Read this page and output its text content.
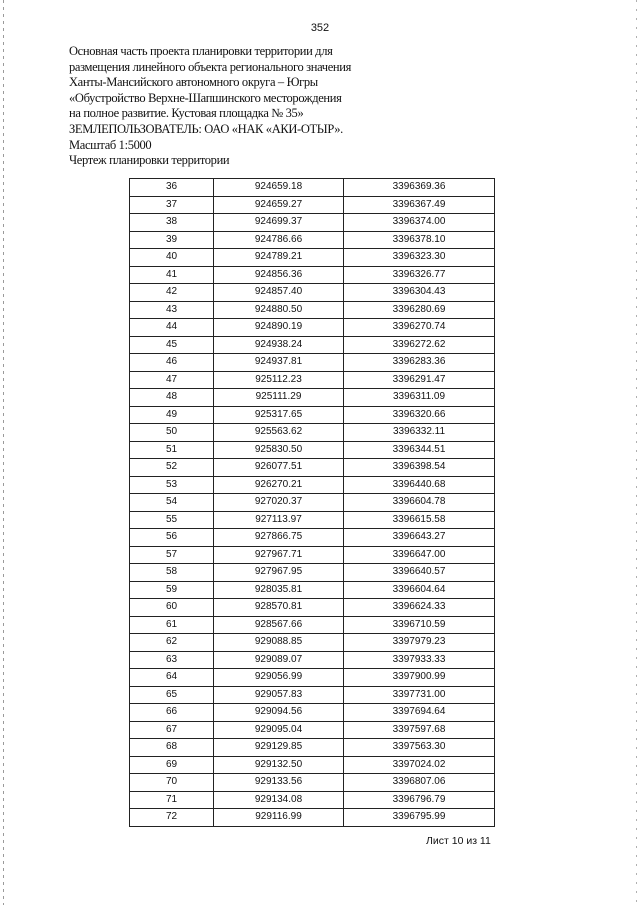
352
Основная часть проекта планировки территории для
размещения линейного объекта регионального значения
Ханты-Мансийского автономного округа – Югры
«Обустройство Верхне-Шапшинского месторождения
на полное развитие. Кустовая площадка № 35»
ЗЕМЛЕПОЛЬЗОВАТЕЛЬ: ОАО «НАК «АКИ-ОТЫР».
Масштаб 1:5000
Чертеж планировки территории
36	924659.18	3396369.36
37	924659.27	3396367.49
38	924699.37	3396374.00
39	924786.66	3396378.10
40	924789.21	3396323.30
41	924856.36	3396326.77
42	924857.40	3396304.43
43	924880.50	3396280.69
44	924890.19	3396270.74
45	924938.24	3396272.62
46	924937.81	3396283.36
47	925112.23	3396291.47
48	925111.29	3396311.09
49	925317.65	3396320.66
50	925563.62	3396332.11
51	925830.50	3396344.51
52	926077.51	3396398.54
53	926270.21	3396440.68
54	927020.37	3396604.78
55	927113.97	3396615.58
56	927866.75	3396643.27
57	927967.71	3396647.00
58	927967.95	3396640.57
59	928035.81	3396604.64
60	928570.81	3396624.33
61	928567.66	3396710.59
62	929088.85	3397979.23
63	929089.07	3397933.33
64	929056.99	3397900.99
65	929057.83	3397731.00
66	929094.56	3397694.64
67	929095.04	3397597.68
68	929129.85	3397563.30
69	929132.50	3397024.02
70	929133.56	3396807.06
71	929134.08	3396796.79
72	929116.99	3396795.99
Лист 10 из 11
